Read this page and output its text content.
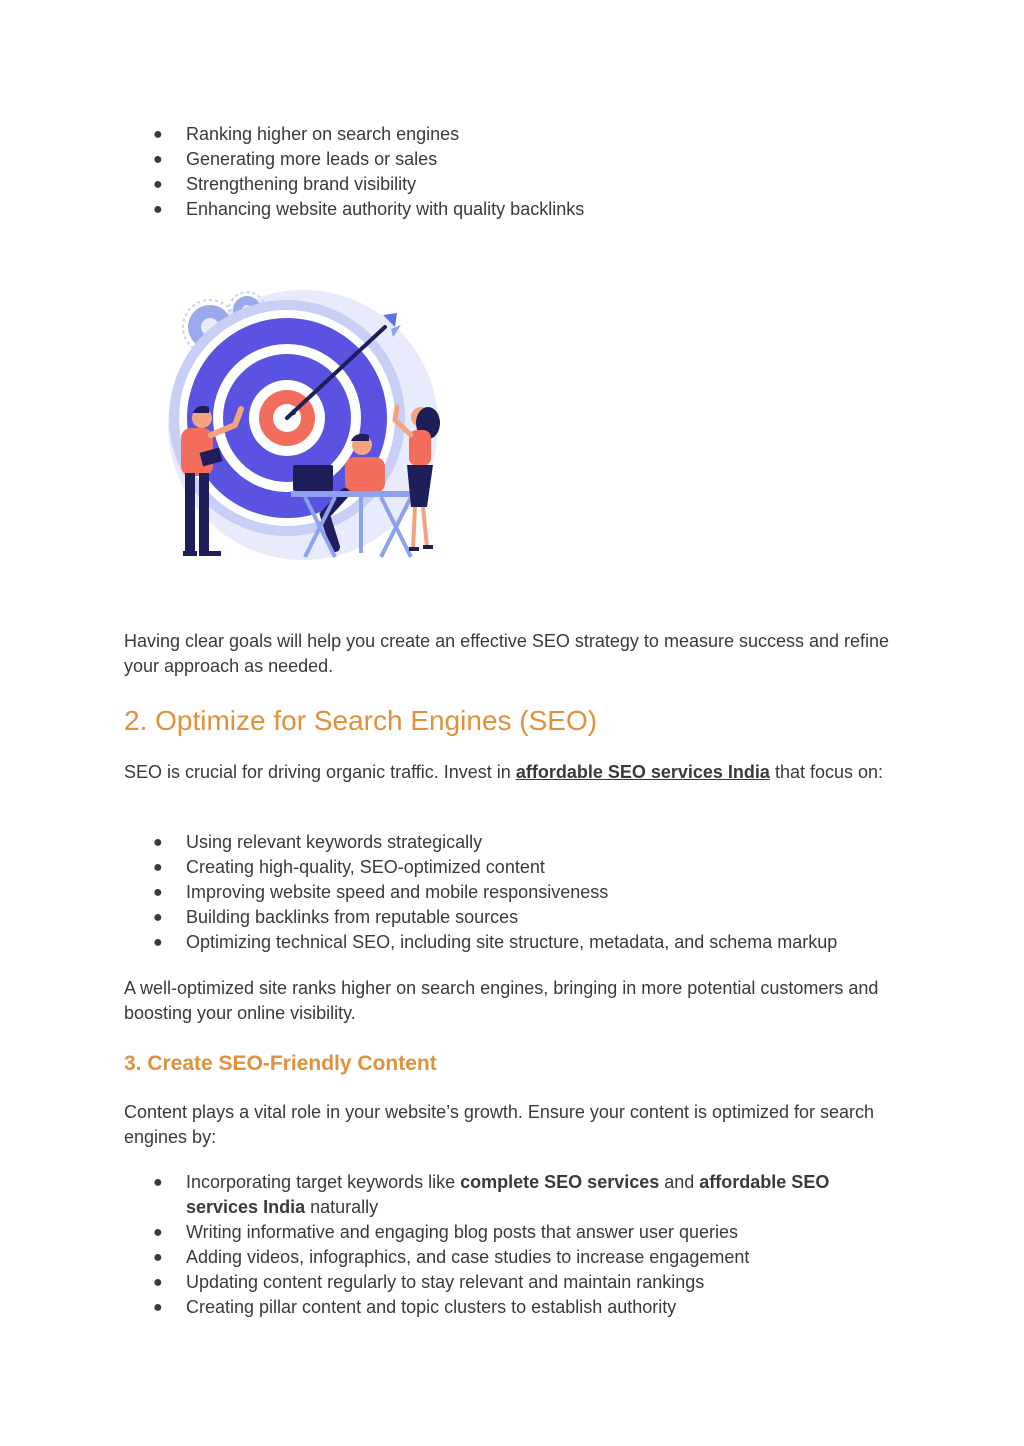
● Ranking higher on search engines
● Generating more leads or sales
● Strengthening brand visibility
● Enhancing website authority with quality backlinks

Having clear goals will help you create an effective SEO strategy to measure success and refine your approach as needed.

2. Optimize for Search Engines (SEO)

SEO is crucial for driving organic traffic. Invest in affordable SEO services India that focus on:

● Using relevant keywords strategically
● Creating high-quality, SEO-optimized content
● Improving website speed and mobile responsiveness
● Building backlinks from reputable sources
● Optimizing technical SEO, including site structure, metadata, and schema markup

A well-optimized site ranks higher on search engines, bringing in more potential customers and boosting your online visibility.

3. Create SEO-Friendly Content

Content plays a vital role in your website’s growth. Ensure your content is optimized for search engines by:

● Incorporating target keywords like complete SEO services and affordable SEO services India naturally
● Writing informative and engaging blog posts that answer user queries
● Adding videos, infographics, and case studies to increase engagement
● Updating content regularly to stay relevant and maintain rankings
● Creating pillar content and topic clusters to establish authority
